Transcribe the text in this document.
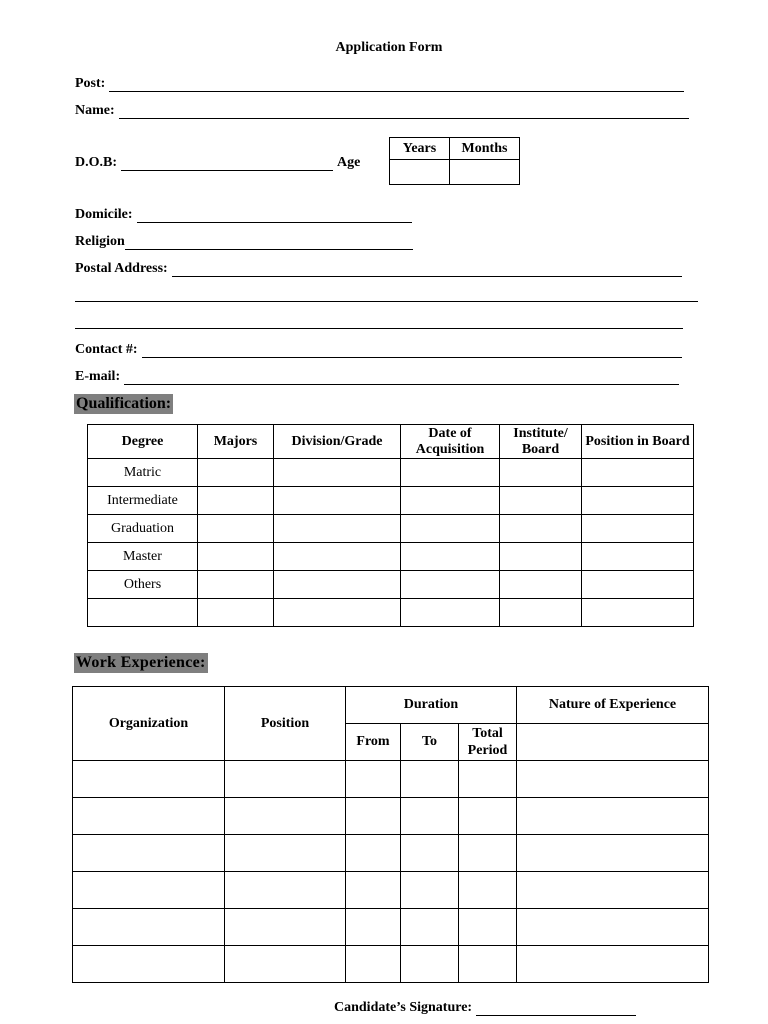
Application Form
Post:
Name:
D.O.B:	Age
Years	Months

Domicile:
Religion
Postal Address:
Contact #:
E-mail:
Qualification:
Degree	Majors	Division/Grade	Date of Acquisition	Institute/ Board	Position in Board
Matric					
Intermediate					
Graduation					
Master					
Others					

Work Experience:
Organization	Position	Duration			Nature of Experience
		From	To	Total Period	

Candidate’s Signature:
